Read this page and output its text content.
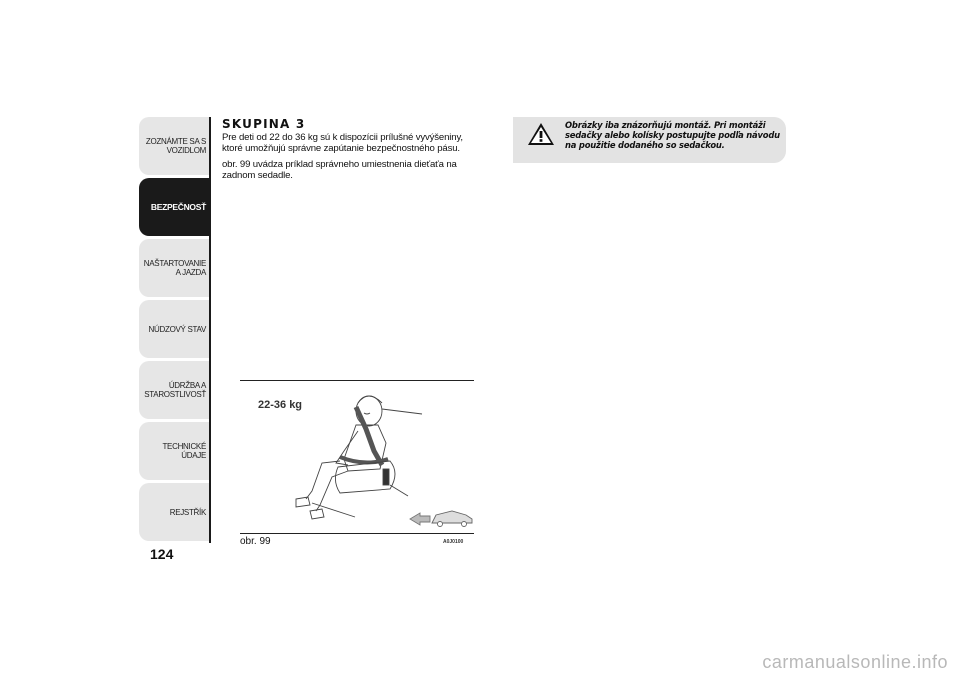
ZOZNÁMTE SA S VOZIDLOM
BEZPEČNOSŤ
NAŠTARTOVANIE A JAZDA
NÚDZOVÝ STAV
ÚDRŽBA A STAROSTLIVOSŤ
TECHNICKÉ ÚDAJE
REJSTŘÍK
124
SKUPINA 3
Pre deti od 22 do 36 kg sú k dispozícii prílušné vyvýšeniny, ktoré umožňujú správne zapútanie bezpečnostného pásu.
obr. 99 uvádza príklad správneho umiestnenia dieťaťa na zadnom sedadle.
22-36 kg
obr. 99	A0J0100
Obrázky iba znázorňujú montáž. Pri montáži sedačky alebo kolísky postupujte podľa návodu na použitie dodaného so sedačkou.
carmanualsonline.info
